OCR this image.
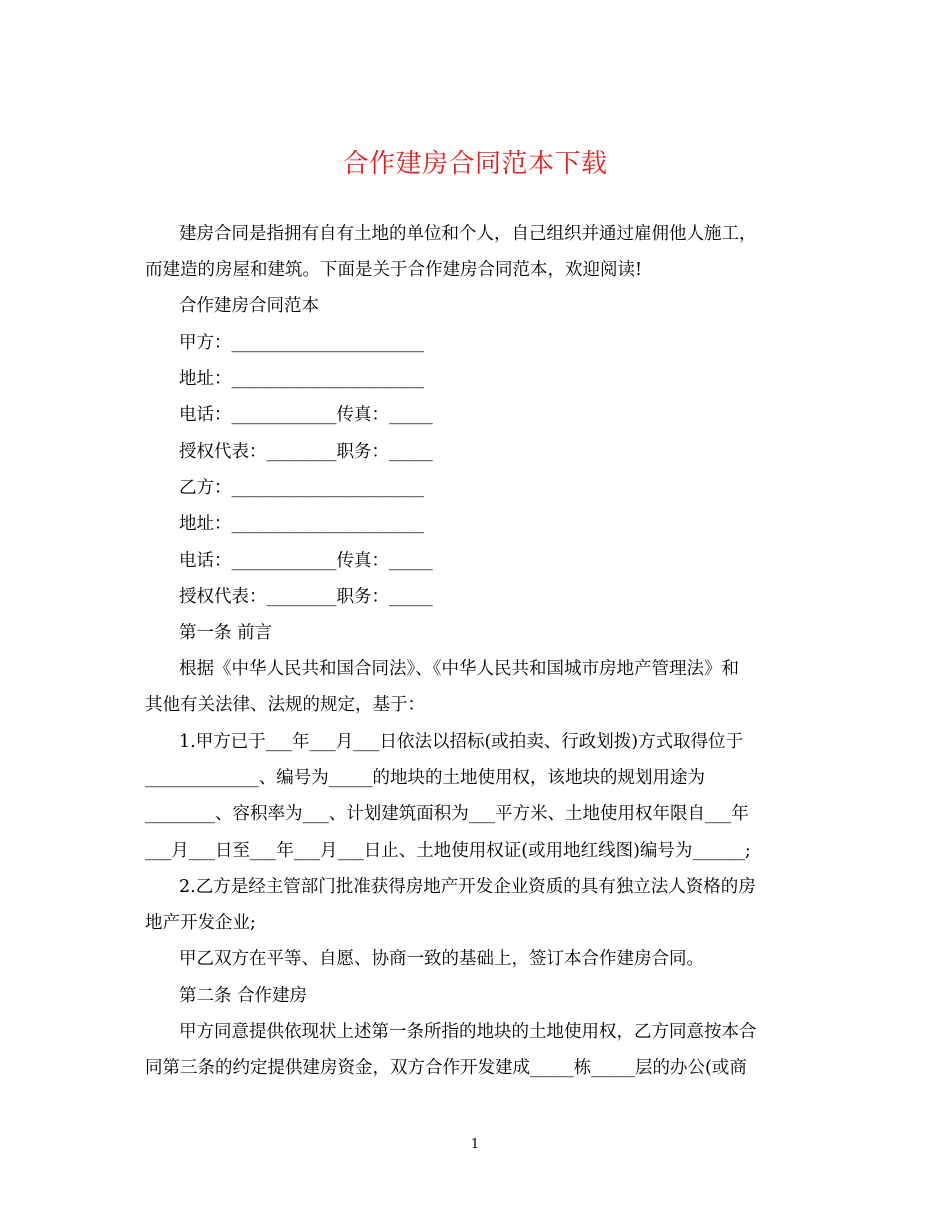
合作建房合同范本下载
建房合同是指拥有自有土地的单位和个人，自己组织并通过雇佣他人施工，
而建造的房屋和建筑。下面是关于合作建房合同范本，欢迎阅读!
合作建房合同范本
甲方：______________________
地址：______________________
电话：____________传真：_____
授权代表：________职务：_____
乙方：______________________
地址：______________________
电话：____________传真：_____
授权代表：________职务：_____
第一条 前言
根据《中华人民共和国合同法》、《中华人民共和国城市房地产管理法》和
其他有关法律、法规的规定，基于：
1.甲方已于___年___月___日依法以招标(或拍卖、行政划拨)方式取得位于
_____________、编号为_____的地块的土地使用权，该地块的规划用途为
________、容积率为___、计划建筑面积为___平方米、土地使用权年限自___年
___月___日至___年___月___日止、土地使用权证(或用地红线图)编号为______;
2.乙方是经主管部门批准获得房地产开发企业资质的具有独立法人资格的房
地产开发企业;
甲乙双方在平等、自愿、协商一致的基础上，签订本合作建房合同。
第二条 合作建房
甲方同意提供依现状上述第一条所指的地块的土地使用权，乙方同意按本合
同第三条的约定提供建房资金，双方合作开发建成_____栋_____层的办公(或商
1
